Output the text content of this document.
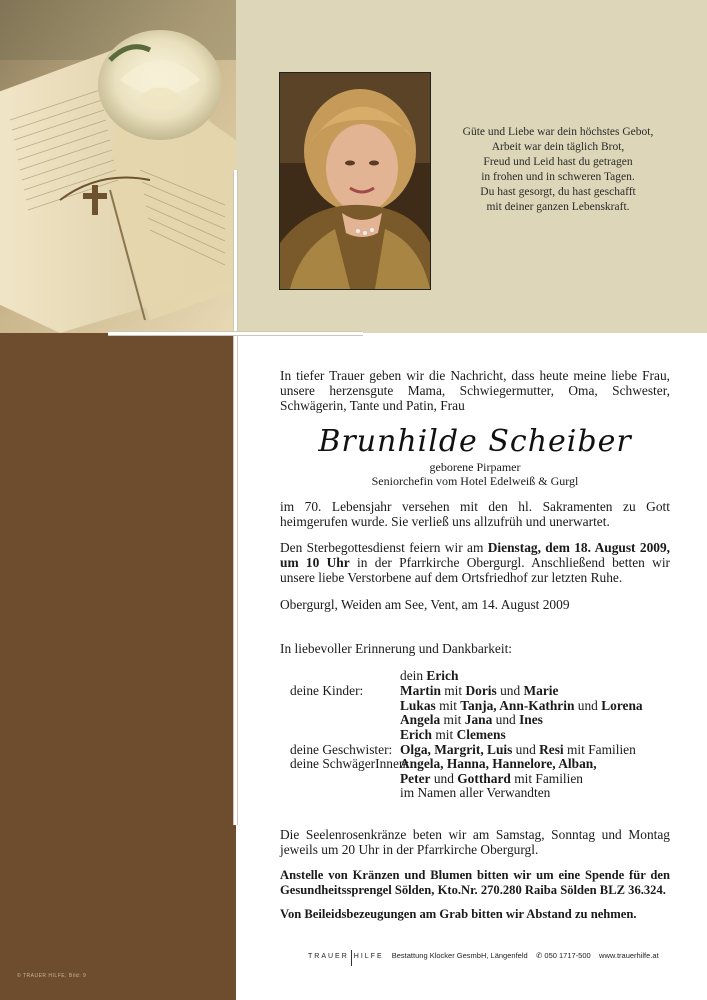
Güte und Liebe war dein höchstes Gebot,
Arbeit war dein täglich Brot,
Freud und Leid hast du getragen
in frohen und in schweren Tagen.
Du hast gesorgt, du hast geschafft
mit deiner ganzen Lebenskraft.
In tiefer Trauer geben wir die Nachricht, dass heute meine liebe Frau, unsere herzensgute Mama, Schwiegermutter, Oma, Schwester, Schwägerin, Tante und Patin, Frau
Brunhilde Scheiber
geborene Pirpamer
Seniorchefin vom Hotel Edelweiß & Gurgl
im 70. Lebensjahr versehen mit den hl. Sakramenten zu Gott heimgerufen wurde. Sie verließ uns allzufrüh und unerwartet.
Den Sterbegottesdienst feiern wir am Dienstag, dem 18. August 2009, um 10 Uhr in der Pfarrkirche Obergurgl. Anschließend betten wir unsere liebe Verstorbene auf dem Ortsfriedhof zur letzten Ruhe.
Obergurgl, Weiden am See, Vent, am 14. August 2009
In liebevoller Erinnerung und Dankbarkeit:
dein Erich
deine Kinder:	Martin mit Doris und Marie
Lukas mit Tanja, Ann-Kathrin und Lorena
Angela mit Jana und Ines
Erich mit Clemens
deine Geschwister: Olga, Margrit, Luis und Resi mit Familien
deine SchwägerInnen:
Angela, Hanna, Hannelore, Alban,
Peter und Gotthard mit Familien
im Namen aller Verwandten
Die Seelenrosenkränze beten wir am Samstag, Sonntag und Montag jeweils um 20 Uhr in der Pfarrkirche Obergurgl.
Anstelle von Kränzen und Blumen bitten wir um eine Spende für den Gesundheitssprengel Sölden, Kto.Nr. 270.280 Raiba Sölden BLZ 36.324.
Von Beileidsbezeugungen am Grab bitten wir Abstand zu nehmen.
TRAUER HILFE Bestattung Klocker GesmbH, Längenfeld ✆ 050 1717-500 www.trauerhilfe.at
© TRAUER HILFE, Bild: 9
